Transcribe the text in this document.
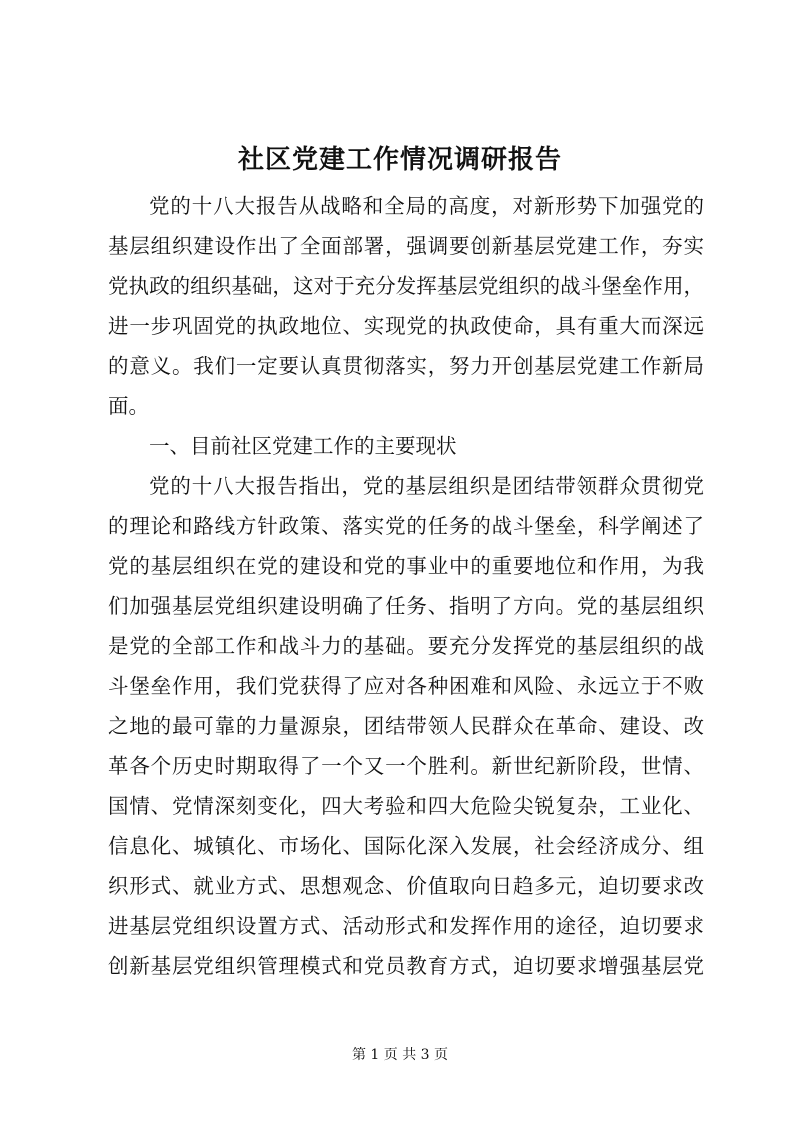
社区党建工作情况调研报告
党的十八大报告从战略和全局的高度，对新形势下加强党的
基层组织建设作出了全面部署，强调要创新基层党建工作，夯实
党执政的组织基础，这对于充分发挥基层党组织的战斗堡垒作用，
进一步巩固党的执政地位、实现党的执政使命，具有重大而深远
的意义。我们一定要认真贯彻落实，努力开创基层党建工作新局
面。
一、目前社区党建工作的主要现状
党的十八大报告指出，党的基层组织是团结带领群众贯彻党
的理论和路线方针政策、落实党的任务的战斗堡垒，科学阐述了
党的基层组织在党的建设和党的事业中的重要地位和作用，为我
们加强基层党组织建设明确了任务、指明了方向。党的基层组织
是党的全部工作和战斗力的基础。要充分发挥党的基层组织的战
斗堡垒作用，我们党获得了应对各种困难和风险、永远立于不败
之地的最可靠的力量源泉，团结带领人民群众在革命、建设、改
革各个历史时期取得了一个又一个胜利。新世纪新阶段，世情、
国情、党情深刻变化，四大考验和四大危险尖锐复杂，工业化、
信息化、城镇化、市场化、国际化深入发展，社会经济成分、组
织形式、就业方式、思想观念、价值取向日趋多元，迫切要求改
进基层党组织设置方式、活动形式和发挥作用的途径，迫切要求
创新基层党组织管理模式和党员教育方式，迫切要求增强基层党
第 1 页 共 3 页
